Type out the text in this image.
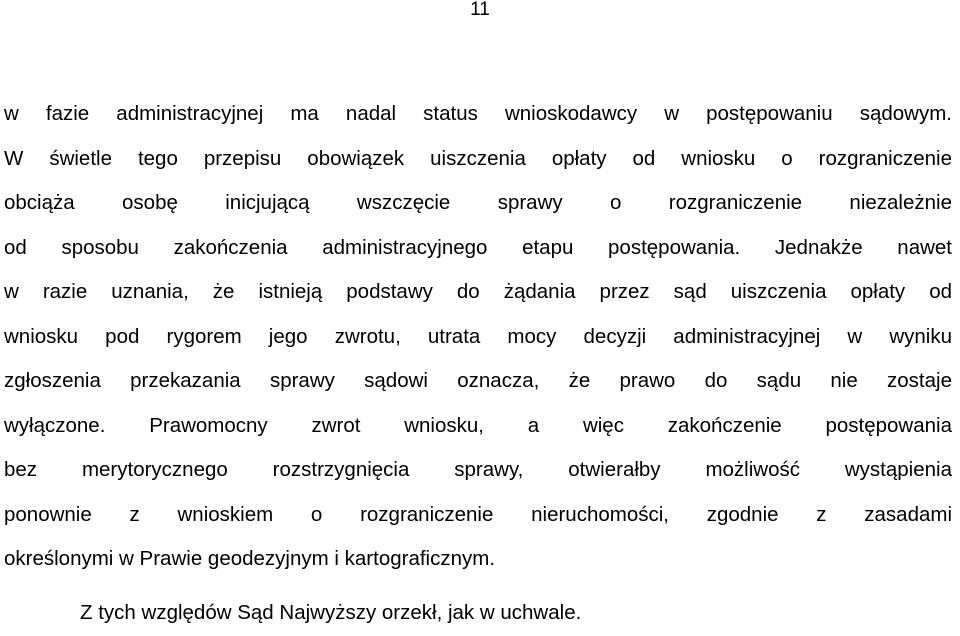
11
w fazie administracyjnej ma nadal status wnioskodawcy w postępowaniu sądowym.
W świetle tego przepisu obowiązek uiszczenia opłaty od wniosku o rozgraniczenie
obciąża osobę inicjującą wszczęcie sprawy o rozgraniczenie niezależnie
od sposobu zakończenia administracyjnego etapu postępowania. Jednakże nawet
w razie uznania, że istnieją podstawy do żądania przez sąd uiszczenia opłaty od
wniosku pod rygorem jego zwrotu, utrata mocy decyzji administracyjnej w wyniku
zgłoszenia przekazania sprawy sądowi oznacza, że prawo do sądu nie zostaje
wyłączone. Prawomocny zwrot wniosku, a więc zakończenie postępowania
bez merytorycznego rozstrzygnięcia sprawy, otwierałby możliwość wystąpienia
ponownie z wnioskiem o rozgraniczenie nieruchomości, zgodnie z zasadami
określonymi w Prawie geodezyjnym i kartograficznym.
Z tych względów Sąd Najwyższy orzekł, jak w uchwale.
